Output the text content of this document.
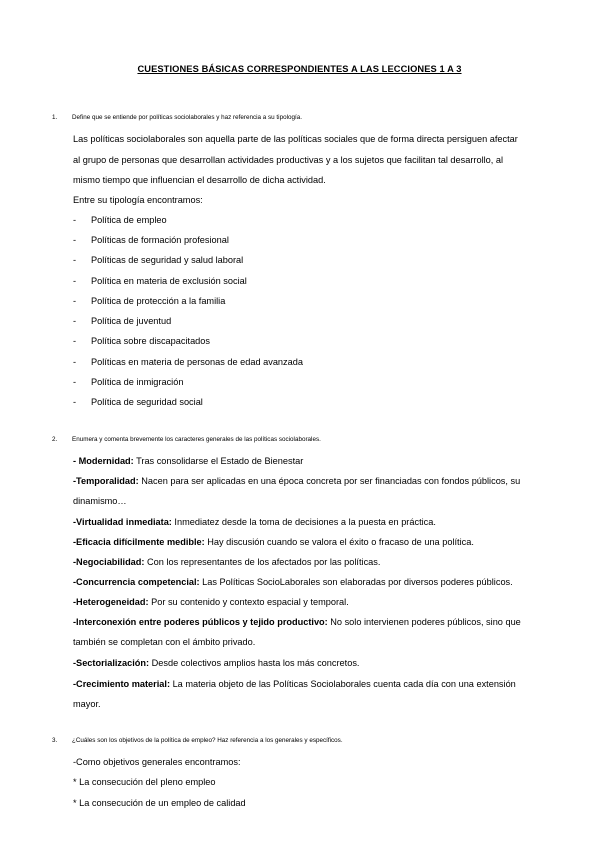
CUESTIONES BÁSICAS CORRESPONDIENTES A LAS LECCIONES 1 A 3
1. Define que se entiende por políticas sociolaborales y haz referencia a su tipología.
Las políticas sociolaborales son aquella parte de las políticas sociales que de forma directa persiguen afectar
al grupo de personas que desarrollan actividades productivas y a los sujetos que facilitan tal desarrollo, al
mismo tiempo que influencian el desarrollo de dicha actividad.
Entre su tipología encontramos:
- Política de empleo
- Políticas de formación profesional
- Políticas de seguridad y salud laboral
- Política en materia de exclusión social
- Política de protección a la familia
- Política de juventud
- Política sobre discapacitados
- Políticas en materia de personas de edad avanzada
- Política de inmigración
- Política de seguridad social
2. Enumera y comenta brevemente los caracteres generales de las políticas sociolaborales.
- Modernidad: Tras consolidarse el Estado de Bienestar
-Temporalidad: Nacen para ser aplicadas en una época concreta por ser financiadas con fondos públicos, su
dinamismo…
-Virtualidad inmediata: Inmediatez desde la toma de decisiones a la puesta en práctica.
-Eficacia difícilmente medible: Hay discusión cuando se valora el éxito o fracaso de una política.
-Negociabilidad: Con los representantes de los afectados por las políticas.
-Concurrencia competencial: Las Políticas SocioLaborales son elaboradas por diversos poderes públicos.
-Heterogeneidad: Por su contenido y contexto espacial y temporal.
-Interconexión entre poderes públicos y tejido productivo: No solo intervienen poderes públicos, sino que
también se completan con el ámbito privado.
-Sectorialización: Desde colectivos amplios hasta los más concretos.
-Crecimiento material: La materia objeto de las Políticas Sociolaborales cuenta cada día con una extensión
mayor.
3. ¿Cuáles son los objetivos de la política de empleo? Haz referencia a los generales y específicos.
-Como objetivos generales encontramos:
* La consecución del pleno empleo
* La consecución de un empleo de calidad
